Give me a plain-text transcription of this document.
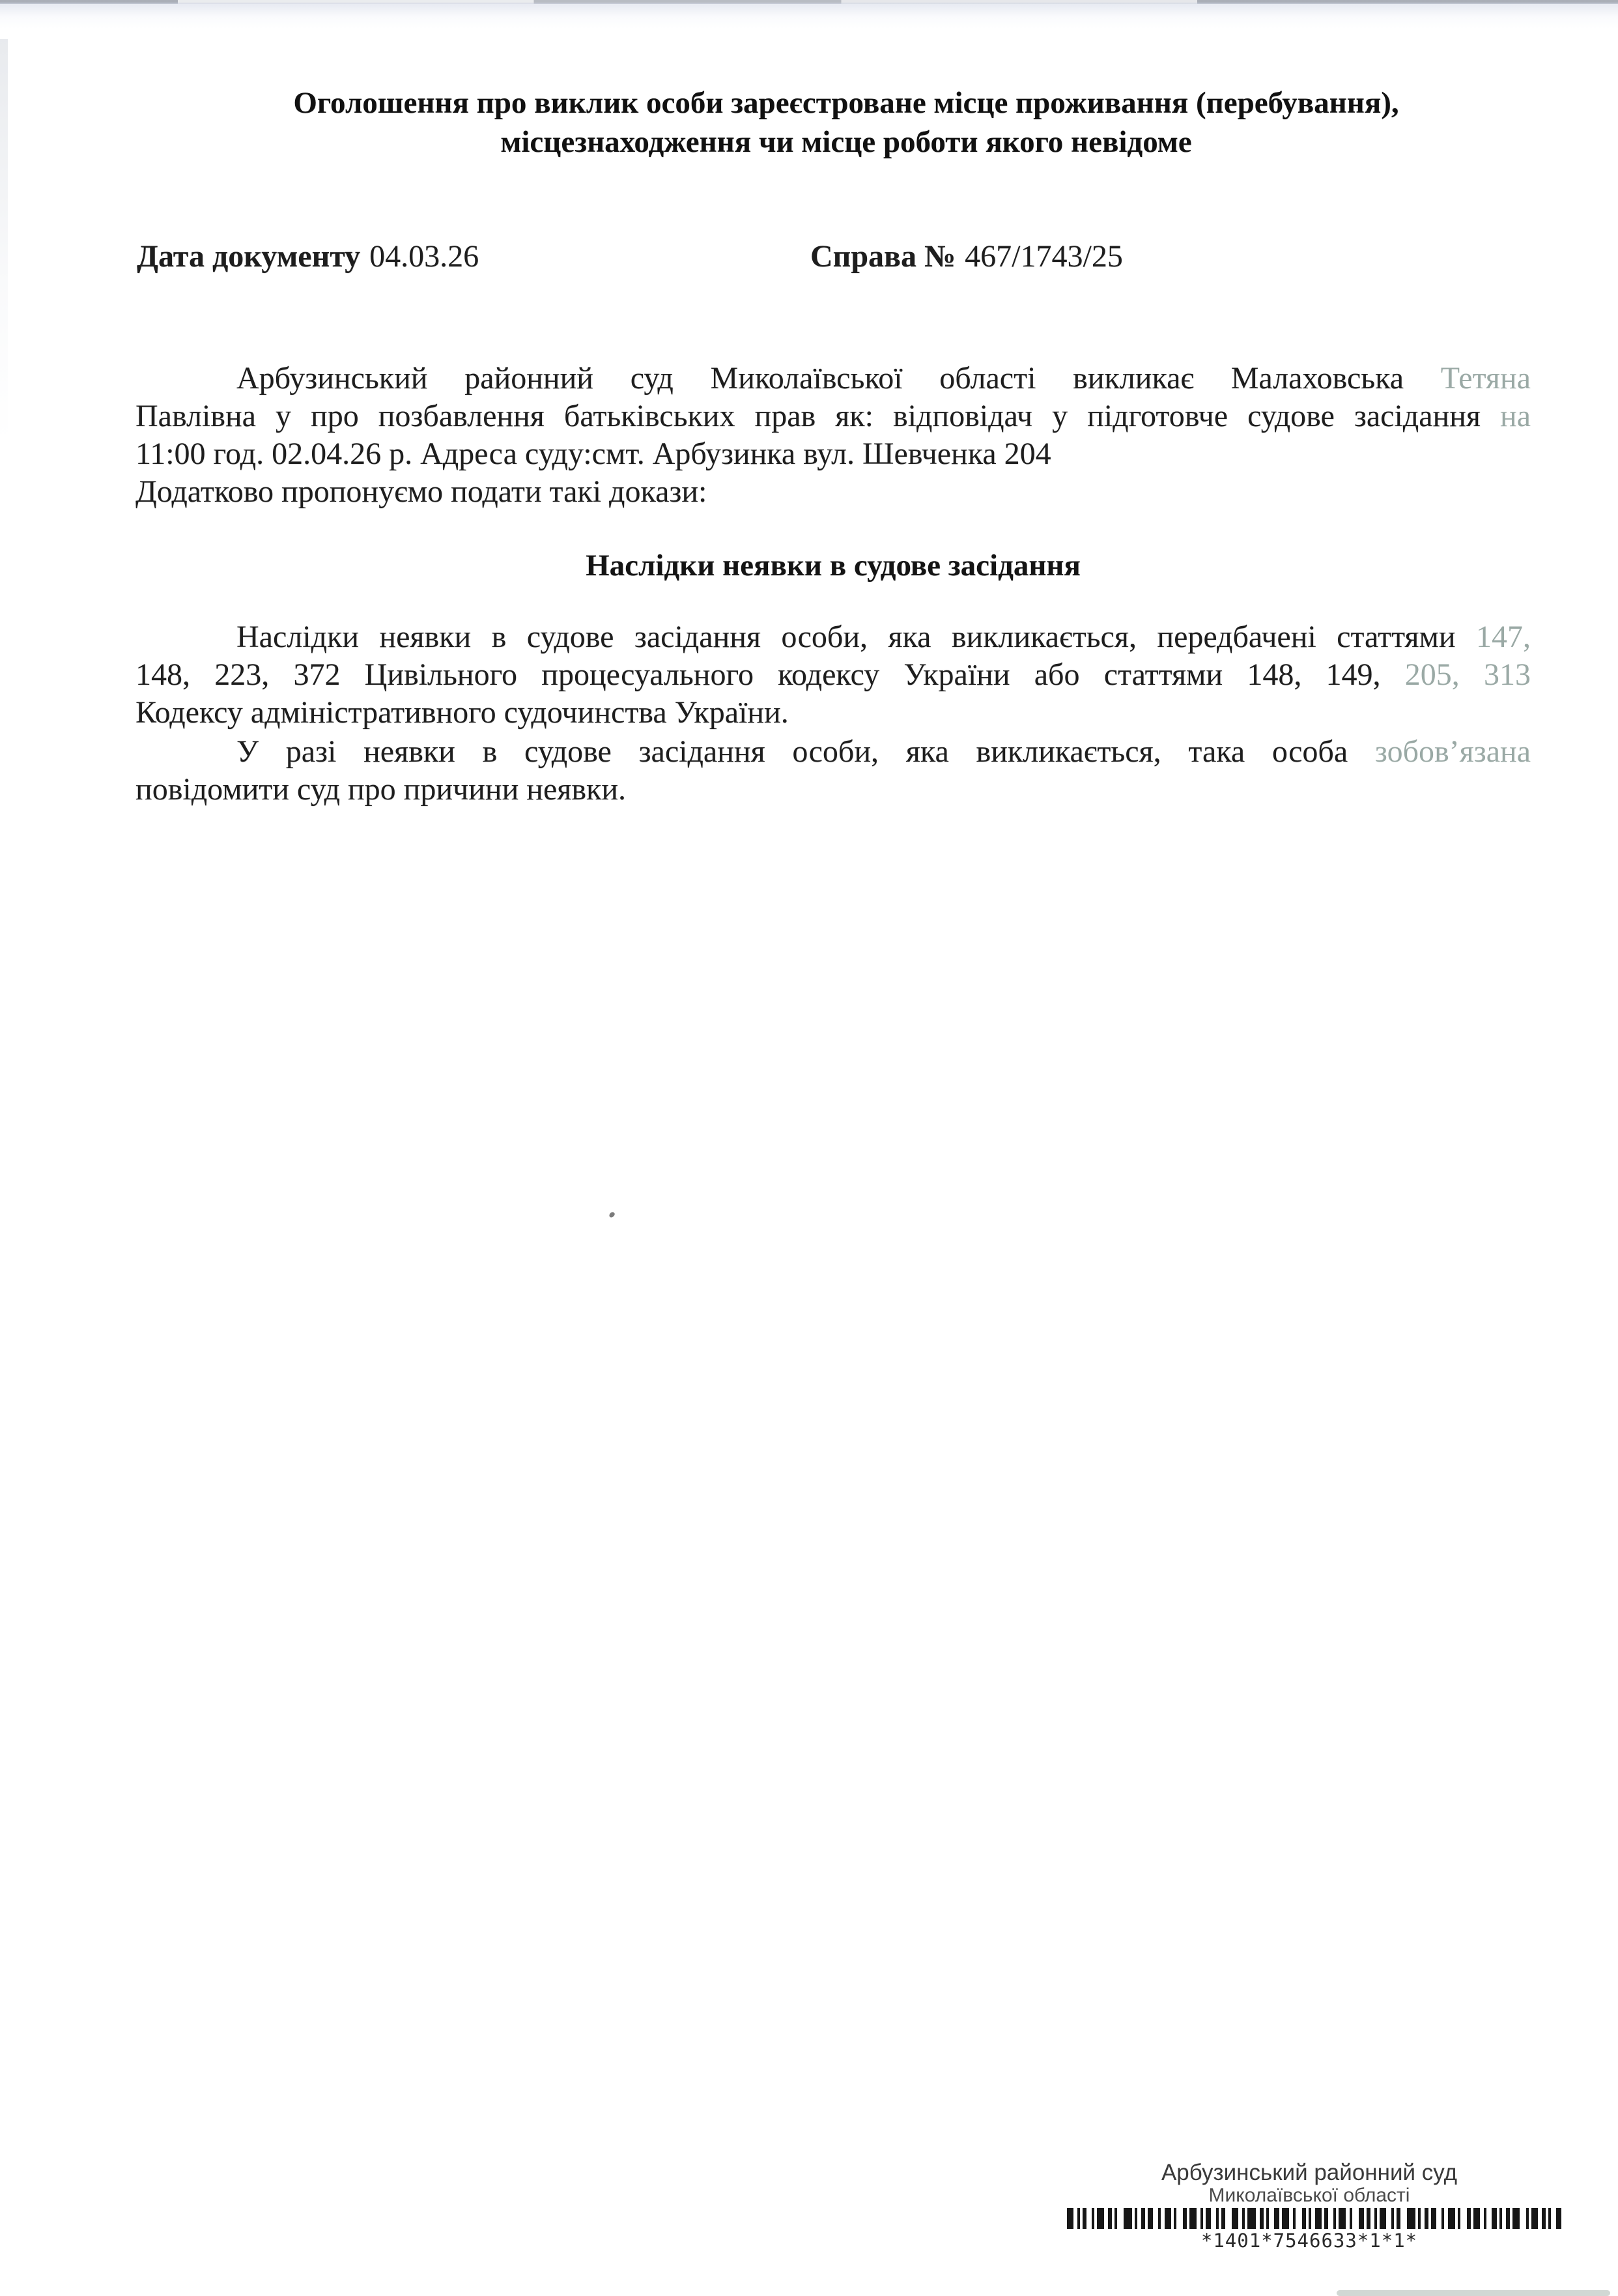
Оголошення про виклик особи зареєстроване місце проживання (перебування),
місцезнаходження чи місце роботи якого невідоме
Дата документу 04.03.26	Справа № 467/1743/25
Арбузинський районний суд Миколаївської області викликає Малаховська Тетяна
Павлівна у про позбавлення батьківських прав як: відповідач у підготовче судове засідання на
11:00 год. 02.04.26 р. Адреса суду:смт. Арбузинка вул. Шевченка 204
Додатково пропонуємо подати такі докази:
Наслідки неявки в судове засідання
Наслідки неявки в судове засідання особи, яка викликається, передбачені статтями 147,
148, 223, 372 Цивільного процесуального кодексу України або статтями 148, 149, 205, 313
Кодексу адміністративного судочинства України.
У разі неявки в судове засідання особи, яка викликається, така особа зобов’язана
повідомити суд про причини неявки.
Арбузинський районний суд
Миколаївської області
*1401*7546633*1*1*
